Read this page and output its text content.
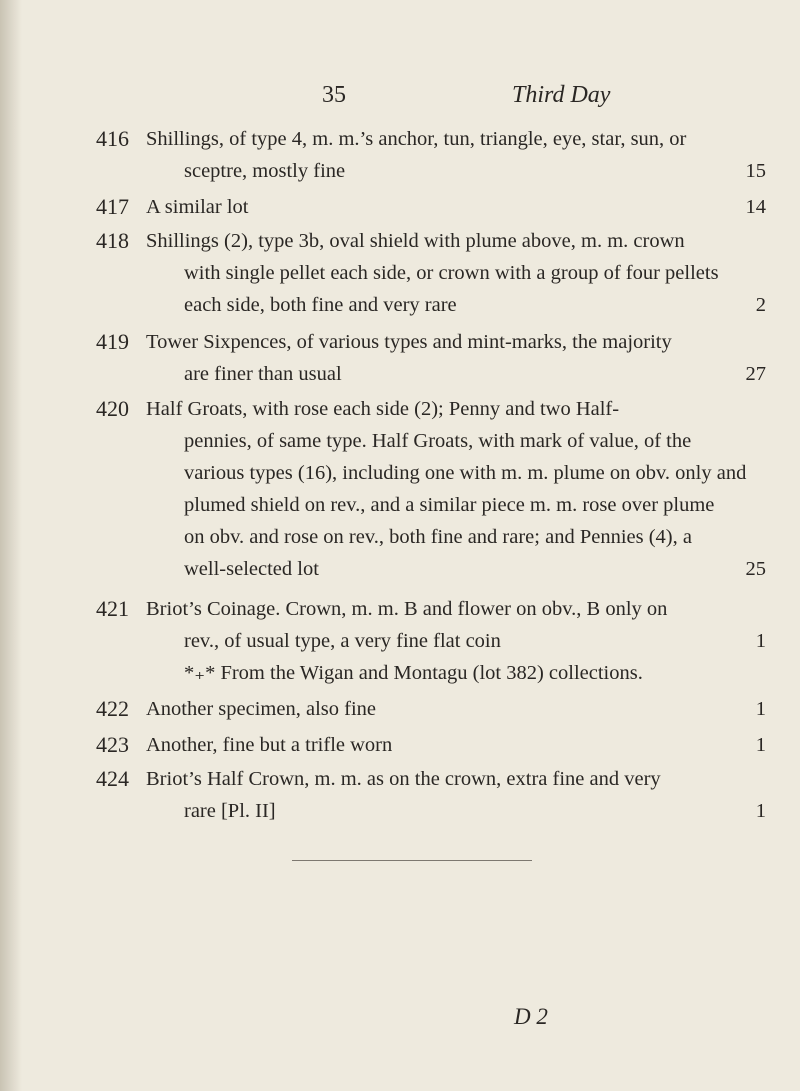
35	Third Day
416 Shillings, of type 4, m. m.’s anchor, tun, triangle, eye, star, sun, or
sceptre, mostly fine	15
417 A similar lot	14
418 Shillings (2), type 3b, oval shield with plume above, m. m. crown
with single pellet each side, or crown with a group of four pellets
each side, both fine and very rare	2
419 Tower Sixpences, of various types and mint-marks, the majority
are finer than usual	27
420 Half Groats, with rose each side (2); Penny and two Half-
pennies, of same type. Half Groats, with mark of value, of the
various types (16), including one with m. m. plume on obv. only and
plumed shield on rev., and a similar piece m. m. rose over plume
on obv. and rose on rev., both fine and rare; and Pennies (4), a
well-selected lot	25
421 Briot’s Coinage. Crown, m. m. B and flower on obv., B only on
rev., of usual type, a very fine flat coin	1
*₊* From the Wigan and Montagu (lot 382) collections.
422 Another specimen, also fine	1
423 Another, fine but a trifle worn	1
424 Briot’s Half Crown, m. m. as on the crown, extra fine and very
rare [Pl. II]	1
D 2
